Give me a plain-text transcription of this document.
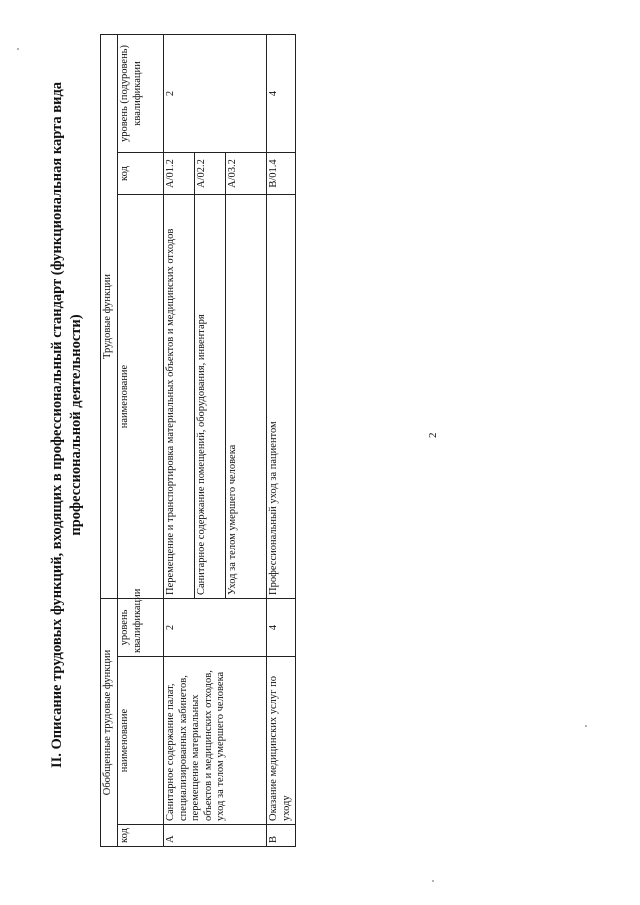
2
II. Описание трудовых функций, входящих в профессиональный стандарт (функциональная карта вида профессиональной деятельности)
Обобщенные трудовые функции			Трудовые функции		
код	наименование	уровень квалификации	наименование	код	уровень (подуровень) квалификации
А	Санитарное содержание палат, специализированных кабинетов, перемещение материальных объектов и медицинских отходов, уход за телом умершего человека	2	Перемещение и транспортировка материальных объектов и медицинских отходов	А/01.2	2
			Санитарное содержание помещений, оборудования, инвентаря	А/02.2	
			Уход за телом умершего человека	А/03.2	
В	Оказание медицинских услуг по уходу	4	Профессиональный уход за пациентом	В/01.4	4
